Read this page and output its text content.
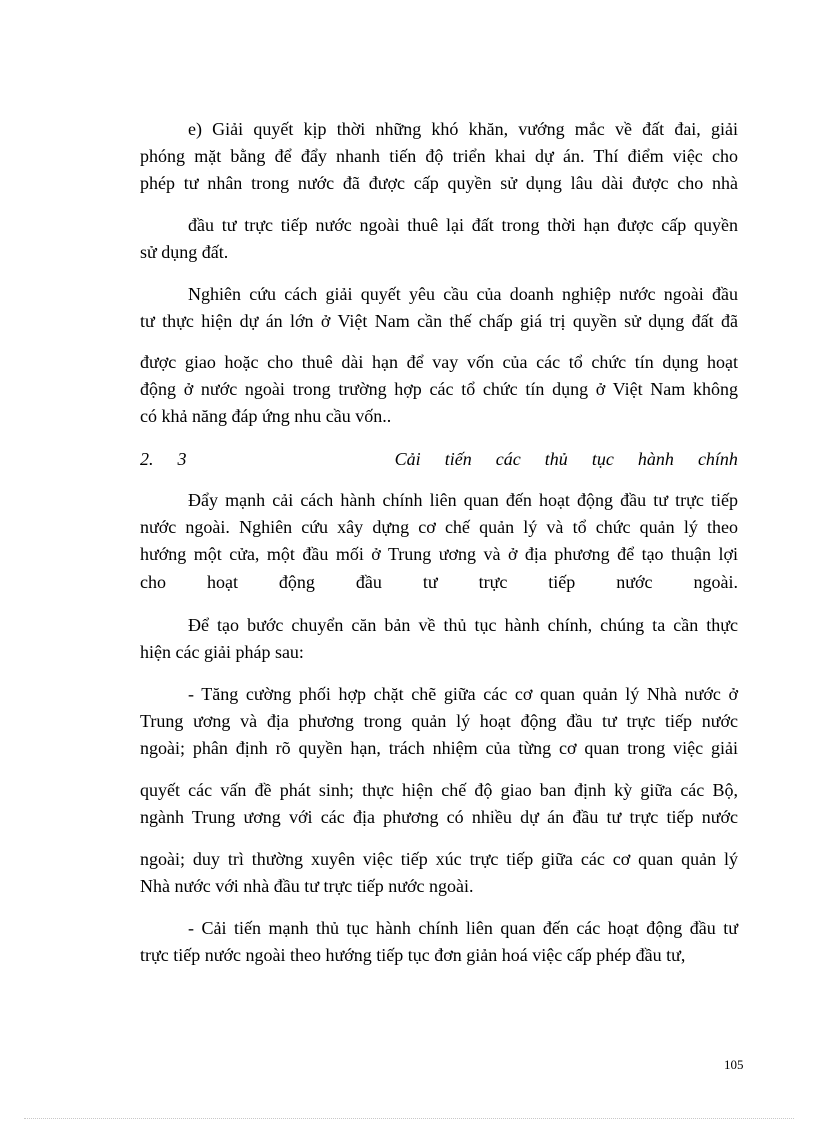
e) Giải quyết kịp thời những khó khăn, vướng mắc về đất đai, giải
phóng mặt bằng để đẩy nhanh tiến độ triển khai dự án. Thí điểm việc cho
phép tư nhân trong nước đã được cấp quyền sử dụng lâu dài được cho nhà
đầu tư trực tiếp nước ngoài thuê lại đất trong thời hạn được cấp quyền
sử dụng đất.
Nghiên cứu cách giải quyết yêu cầu của doanh nghiệp nước ngoài đầu
tư thực hiện dự án lớn ở Việt Nam cần thế chấp giá trị quyền sử dụng đất đã
được giao hoặc cho thuê dài hạn để vay vốn của các tổ chức tín dụng hoạt
động ở nước ngoài trong trường hợp các tổ chức tín dụng ở Việt Nam không
có khả năng đáp ứng nhu cầu vốn..
2. 3	Cải tiến các thủ tục hành chính
Đẩy mạnh cải cách hành chính liên quan đến hoạt động đầu tư trực tiếp
nước ngoài. Nghiên cứu xây dựng cơ chế quản lý và tổ chức quản lý theo
hướng một cửa, một đầu mối ở Trung ương và ở địa phương để tạo thuận lợi
cho hoạt động đầu tư trực tiếp nước ngoài.
Để tạo bước chuyển căn bản về thủ tục hành chính, chúng ta cần thực
hiện các giải pháp sau:
- Tăng cường phối hợp chặt chẽ giữa các cơ quan quản lý Nhà nước ở
Trung ương và địa phương trong quản lý hoạt động đầu tư trực tiếp nước
ngoài; phân định rõ quyền hạn, trách nhiệm của từng cơ quan trong việc giải
quyết các vấn đề phát sinh; thực hiện chế độ giao ban định kỳ giữa các Bộ,
ngành Trung ương với các địa phương có nhiều dự án đầu tư trực tiếp nước
ngoài; duy trì thường xuyên việc tiếp xúc trực tiếp giữa các cơ quan quản lý
Nhà nước với nhà đầu tư trực tiếp nước ngoài.
- Cải tiến mạnh thủ tục hành chính liên quan đến các hoạt động đầu tư
trực tiếp nước ngoài theo hướng tiếp tục đơn giản hoá việc cấp phép đầu tư,
105
